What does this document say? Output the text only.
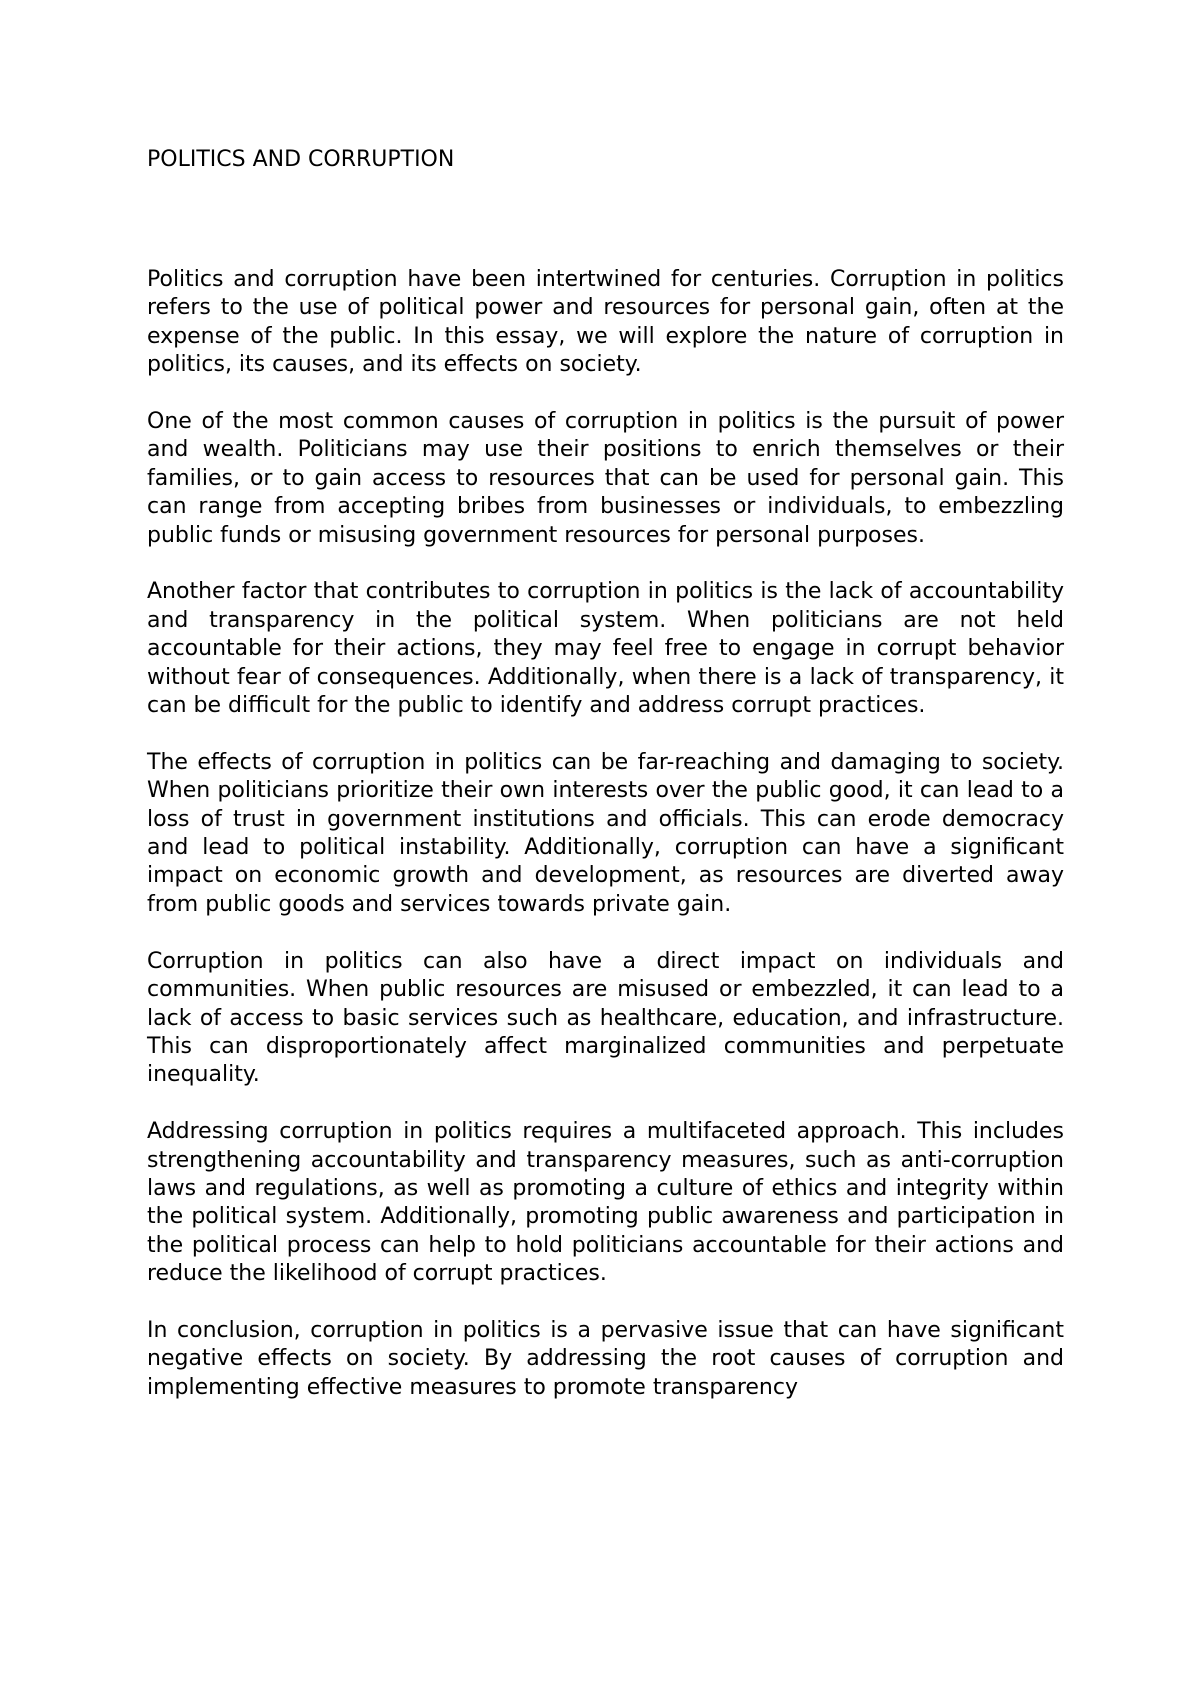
POLITICS AND CORRUPTION

Politics and corruption have been intertwined for centuries. Corruption in politics refers to the use of political power and resources for personal gain, often at the expense of the public. In this essay, we will explore the nature of corruption in politics, its causes, and its effects on society.

One of the most common causes of corruption in politics is the pursuit of power and wealth. Politicians may use their positions to enrich themselves or their families, or to gain access to resources that can be used for personal gain. This can range from accepting bribes from businesses or individuals, to embezzling public funds or misusing government resources for personal purposes.

Another factor that contributes to corruption in politics is the lack of accountability and transparency in the political system. When politicians are not held accountable for their actions, they may feel free to engage in corrupt behavior without fear of consequences. Additionally, when there is a lack of transparency, it can be difficult for the public to identify and address corrupt practices.

The effects of corruption in politics can be far-reaching and damaging to society. When politicians prioritize their own interests over the public good, it can lead to a loss of trust in government institutions and officials. This can erode democracy and lead to political instability. Additionally, corruption can have a significant impact on economic growth and development, as resources are diverted away from public goods and services towards private gain.

Corruption in politics can also have a direct impact on individuals and communities. When public resources are misused or embezzled, it can lead to a lack of access to basic services such as healthcare, education, and infrastructure. This can disproportionately affect marginalized communities and perpetuate inequality.

Addressing corruption in politics requires a multifaceted approach. This includes strengthening accountability and transparency measures, such as anti-corruption laws and regulations, as well as promoting a culture of ethics and integrity within the political system. Additionally, promoting public awareness and participation in the political process can help to hold politicians accountable for their actions and reduce the likelihood of corrupt practices.

In conclusion, corruption in politics is a pervasive issue that can have significant negative effects on society. By addressing the root causes of corruption and implementing effective measures to promote transparency
